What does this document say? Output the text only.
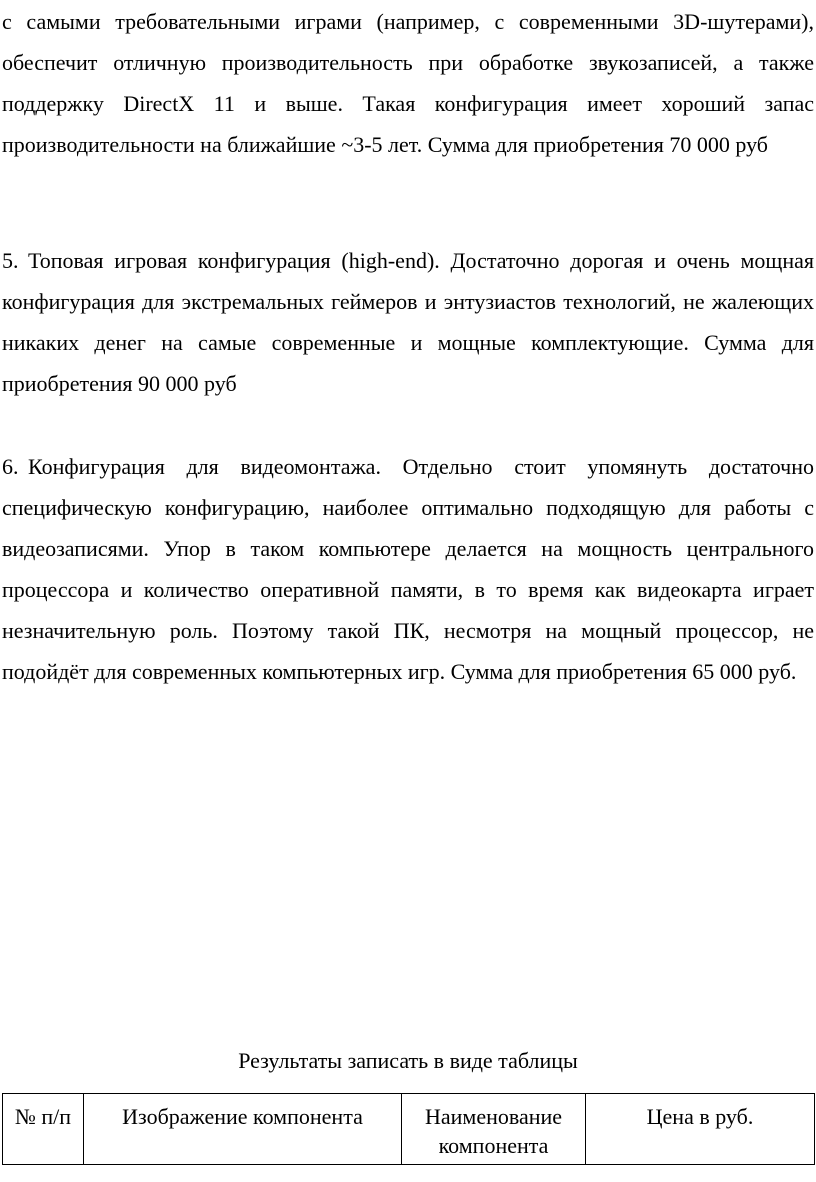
с самыми требовательными играми (например, с современными 3D-шутерами), обеспечит отличную производительность при обработке звукозаписей, а также поддержку DirectX 11 и выше. Такая конфигурация имеет хороший запас производительности на ближайшие ~3-5 лет. Сумма для приобретения 70 000 руб

5. Топовая игровая конфигурация (high-end). Достаточно дорогая и очень мощная конфигурация для экстремальных геймеров и энтузиастов технологий, не жалеющих никаких денег на самые современные и мощные комплектующие. Сумма для приобретения 90 000 руб

6. Конфигурация для видеомонтажа. Отдельно стоит упомянуть достаточно специфическую конфигурацию, наиболее оптимально подходящую для работы с видеозаписями. Упор в таком компьютере делается на мощность центрального процессора и количество оперативной памяти, в то время как видеокарта играет незначительную роль. Поэтому такой ПК, несмотря на мощный процессор, не подойдёт для современных компьютерных игр. Сумма для приобретения 65 000 руб.

Результаты записать в виде таблицы

№ п/п	Изображение компонента	Наименование компонента	Цена в руб.
